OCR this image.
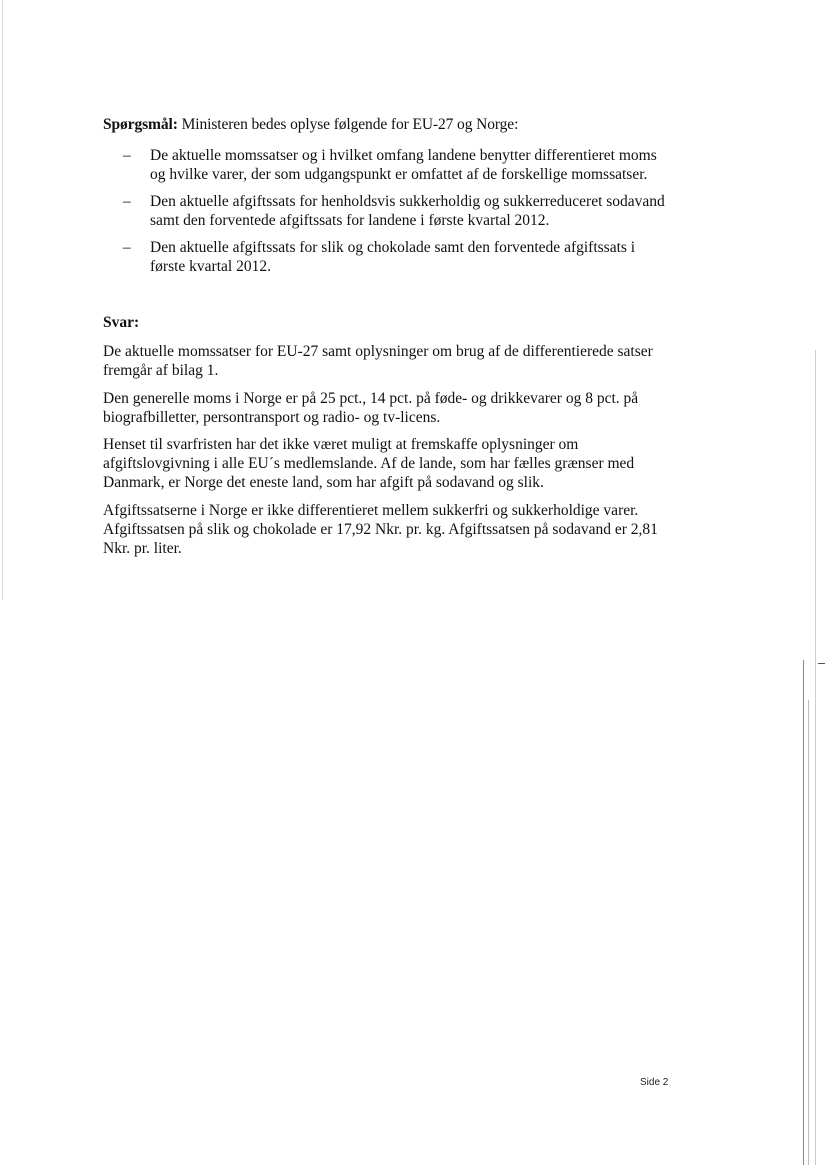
Spørgsmål: Ministeren bedes oplyse følgende for EU-27 og Norge:
– De aktuelle momssatser og i hvilket omfang landene benytter differentieret moms og hvilke varer, der som udgangspunkt er omfattet af de forskellige momssatser.
– Den aktuelle afgiftssats for henholdsvis sukkerholdig og sukkerreduceret sodavand samt den forventede afgiftssats for landene i første kvartal 2012.
– Den aktuelle afgiftssats for slik og chokolade samt den forventede afgiftssats i første kvartal 2012.
Svar:
De aktuelle momssatser for EU-27 samt oplysninger om brug af de differentierede satser fremgår af bilag 1.
Den generelle moms i Norge er på 25 pct., 14 pct. på føde- og drikkevarer og 8 pct. på biografbilletter, persontransport og radio- og tv-licens.
Henset til svarfristen har det ikke været muligt at fremskaffe oplysninger om afgiftslovgivning i alle EU´s medlemslande. Af de lande, som har fælles grænser med Danmark, er Norge det eneste land, som har afgift på sodavand og slik.
Afgiftssatserne i Norge er ikke differentieret mellem sukkerfri og sukkerholdige varer. Afgiftssatsen på slik og chokolade er 17,92 Nkr. pr. kg. Afgiftssatsen på sodavand er 2,81 Nkr. pr. liter.
Side 2
